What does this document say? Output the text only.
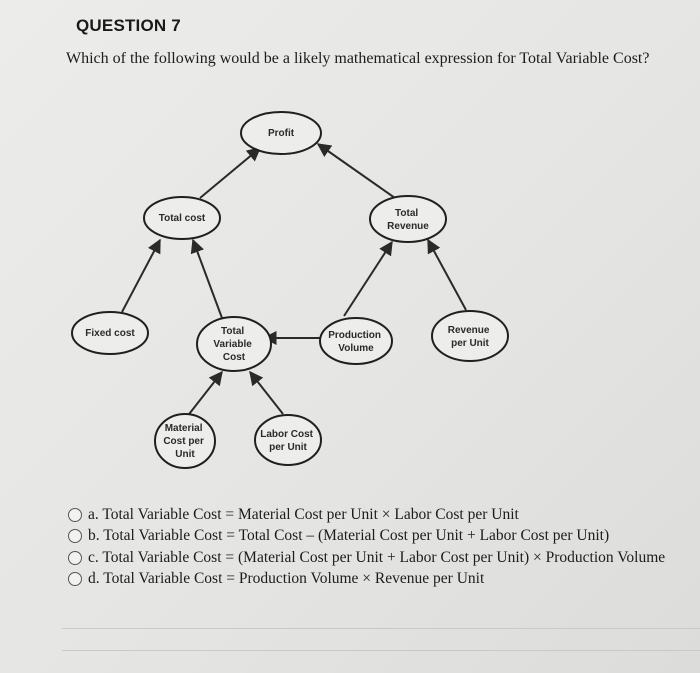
QUESTION 7
Which of the following would be a likely mathematical expression for Total Variable Cost?
Profit
Total cost	Total Revenue
Fixed cost	Total Variable Cost
Production Volume
Revenue per Unit
Material Cost per Unit
Labor Cost per Unit
a. Total Variable Cost = Material Cost per Unit × Labor Cost per Unit
b. Total Variable Cost = Total Cost – (Material Cost per Unit + Labor Cost per Unit)
c. Total Variable Cost = (Material Cost per Unit + Labor Cost per Unit) × Production Volume
d. Total Variable Cost = Production Volume × Revenue per Unit
